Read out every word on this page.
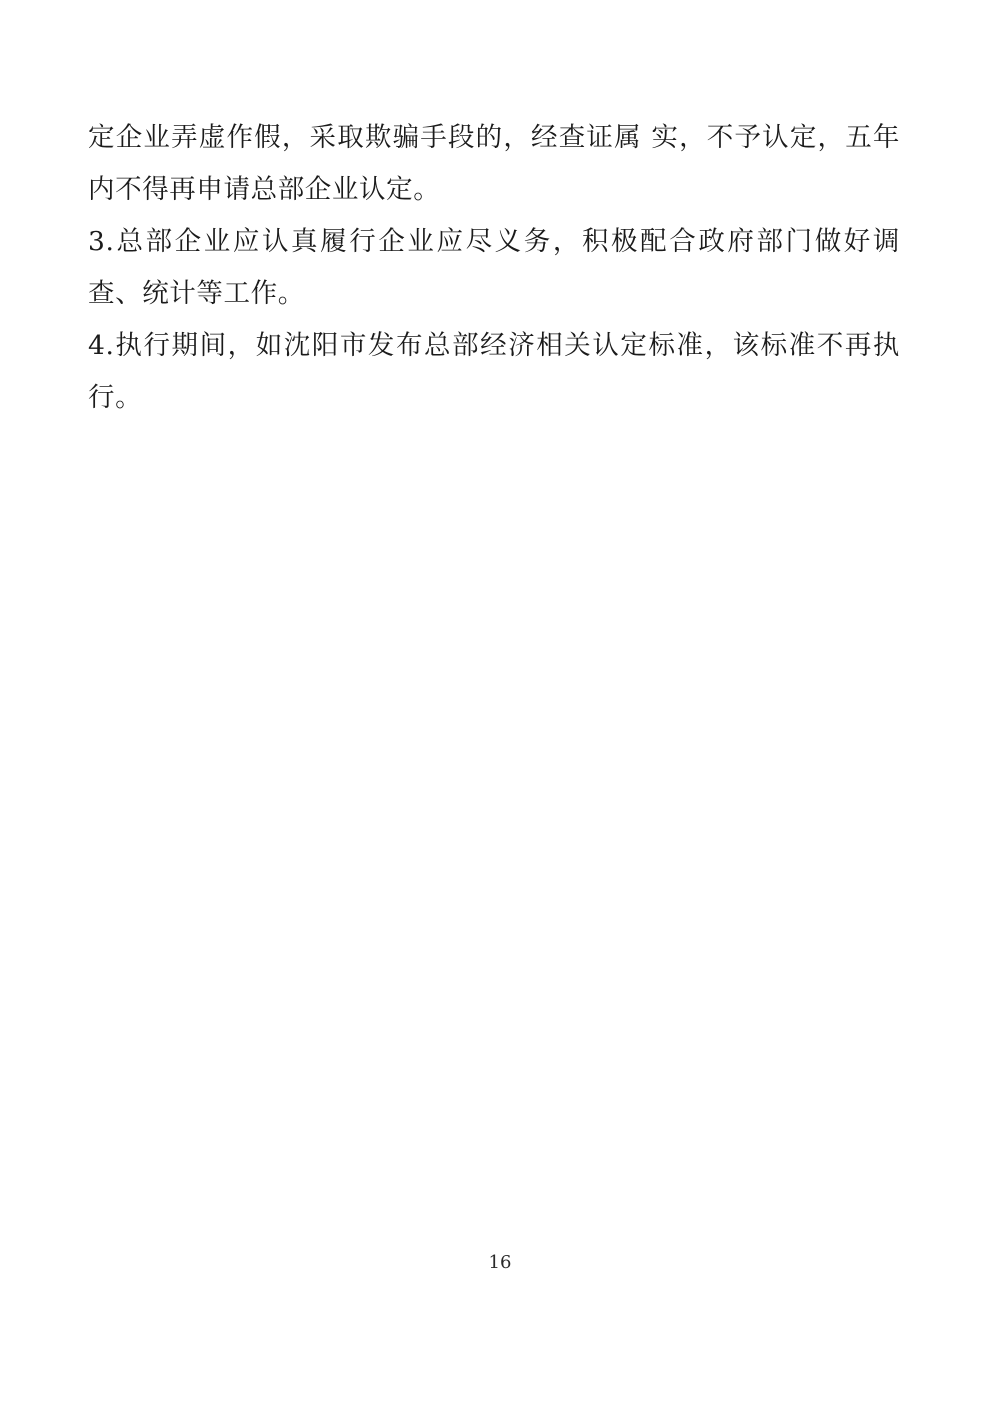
定企业弄虚作假，采取欺骗手段的，经查证属 实，不予认定，五年内不得再申请总部企业认定。

3.总部企业应认真履行企业应尽义务，积极配合政府部门做好调查、统计等工作。

4.执行期间，如沈阳市发布总部经济相关认定标准，该标准不再执行。

16
